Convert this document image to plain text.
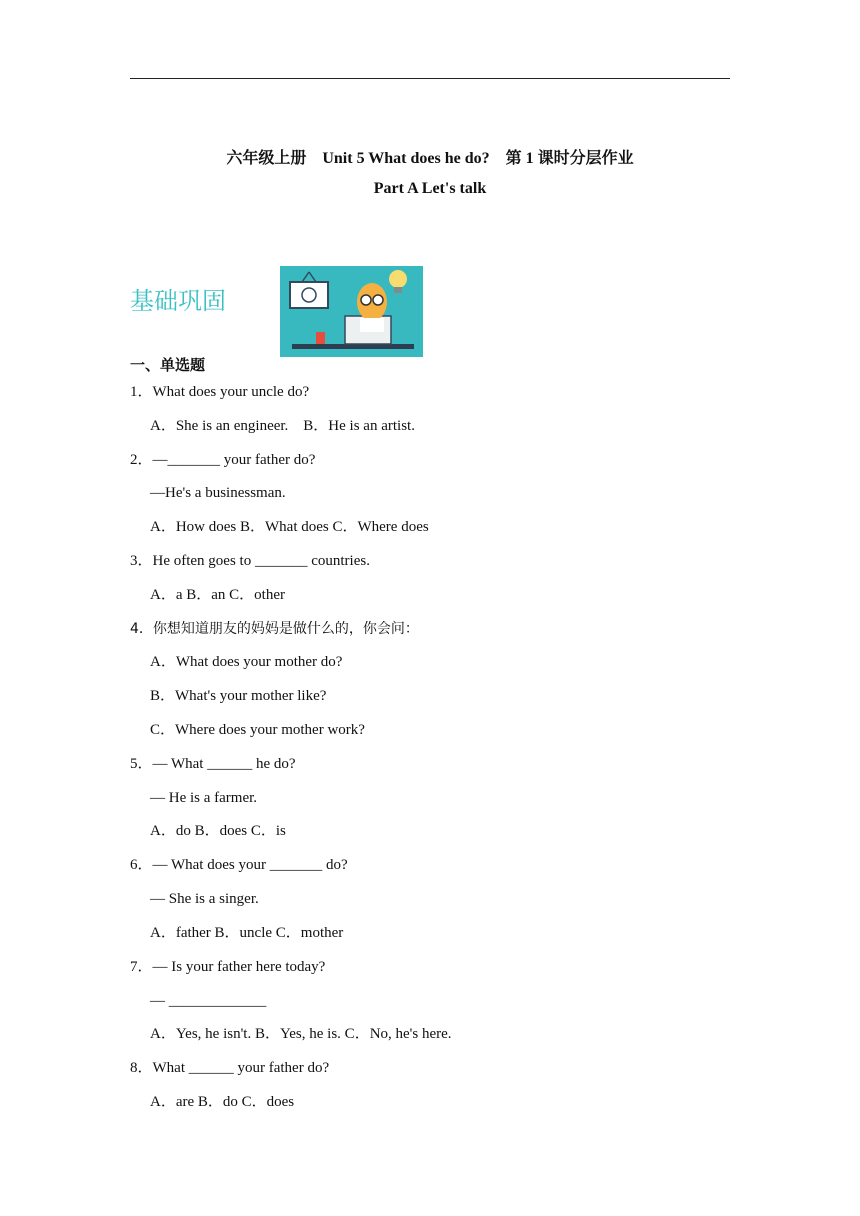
六年级上册　Unit 5 What does he do?　第 1 课时分层作业
Part A Let's talk
基础巩固
一、单选题
1．What does your uncle do?
A．She is an engineer.　B．He is an artist.
2．—_______ your father do?
—He's a businessman.
A．How does B．What does C．Where does
3．He often goes to _______ countries.
A．a B．an C．other
4．你想知道朋友的妈妈是做什么的，你会问：
A．What does your mother do?
B．What's your mother like?
C．Where does your mother work?
5．— What ______ he do?
— He is a farmer.
A．do B．does C．is
6．— What does your _______ do?
— She is a singer.
A．father B．uncle C．mother
7．— Is your father here today?
— _____________
A．Yes, he isn't. B．Yes, he is. C．No, he's here.
8．What ______ your father do?
A．are B．do C．does
